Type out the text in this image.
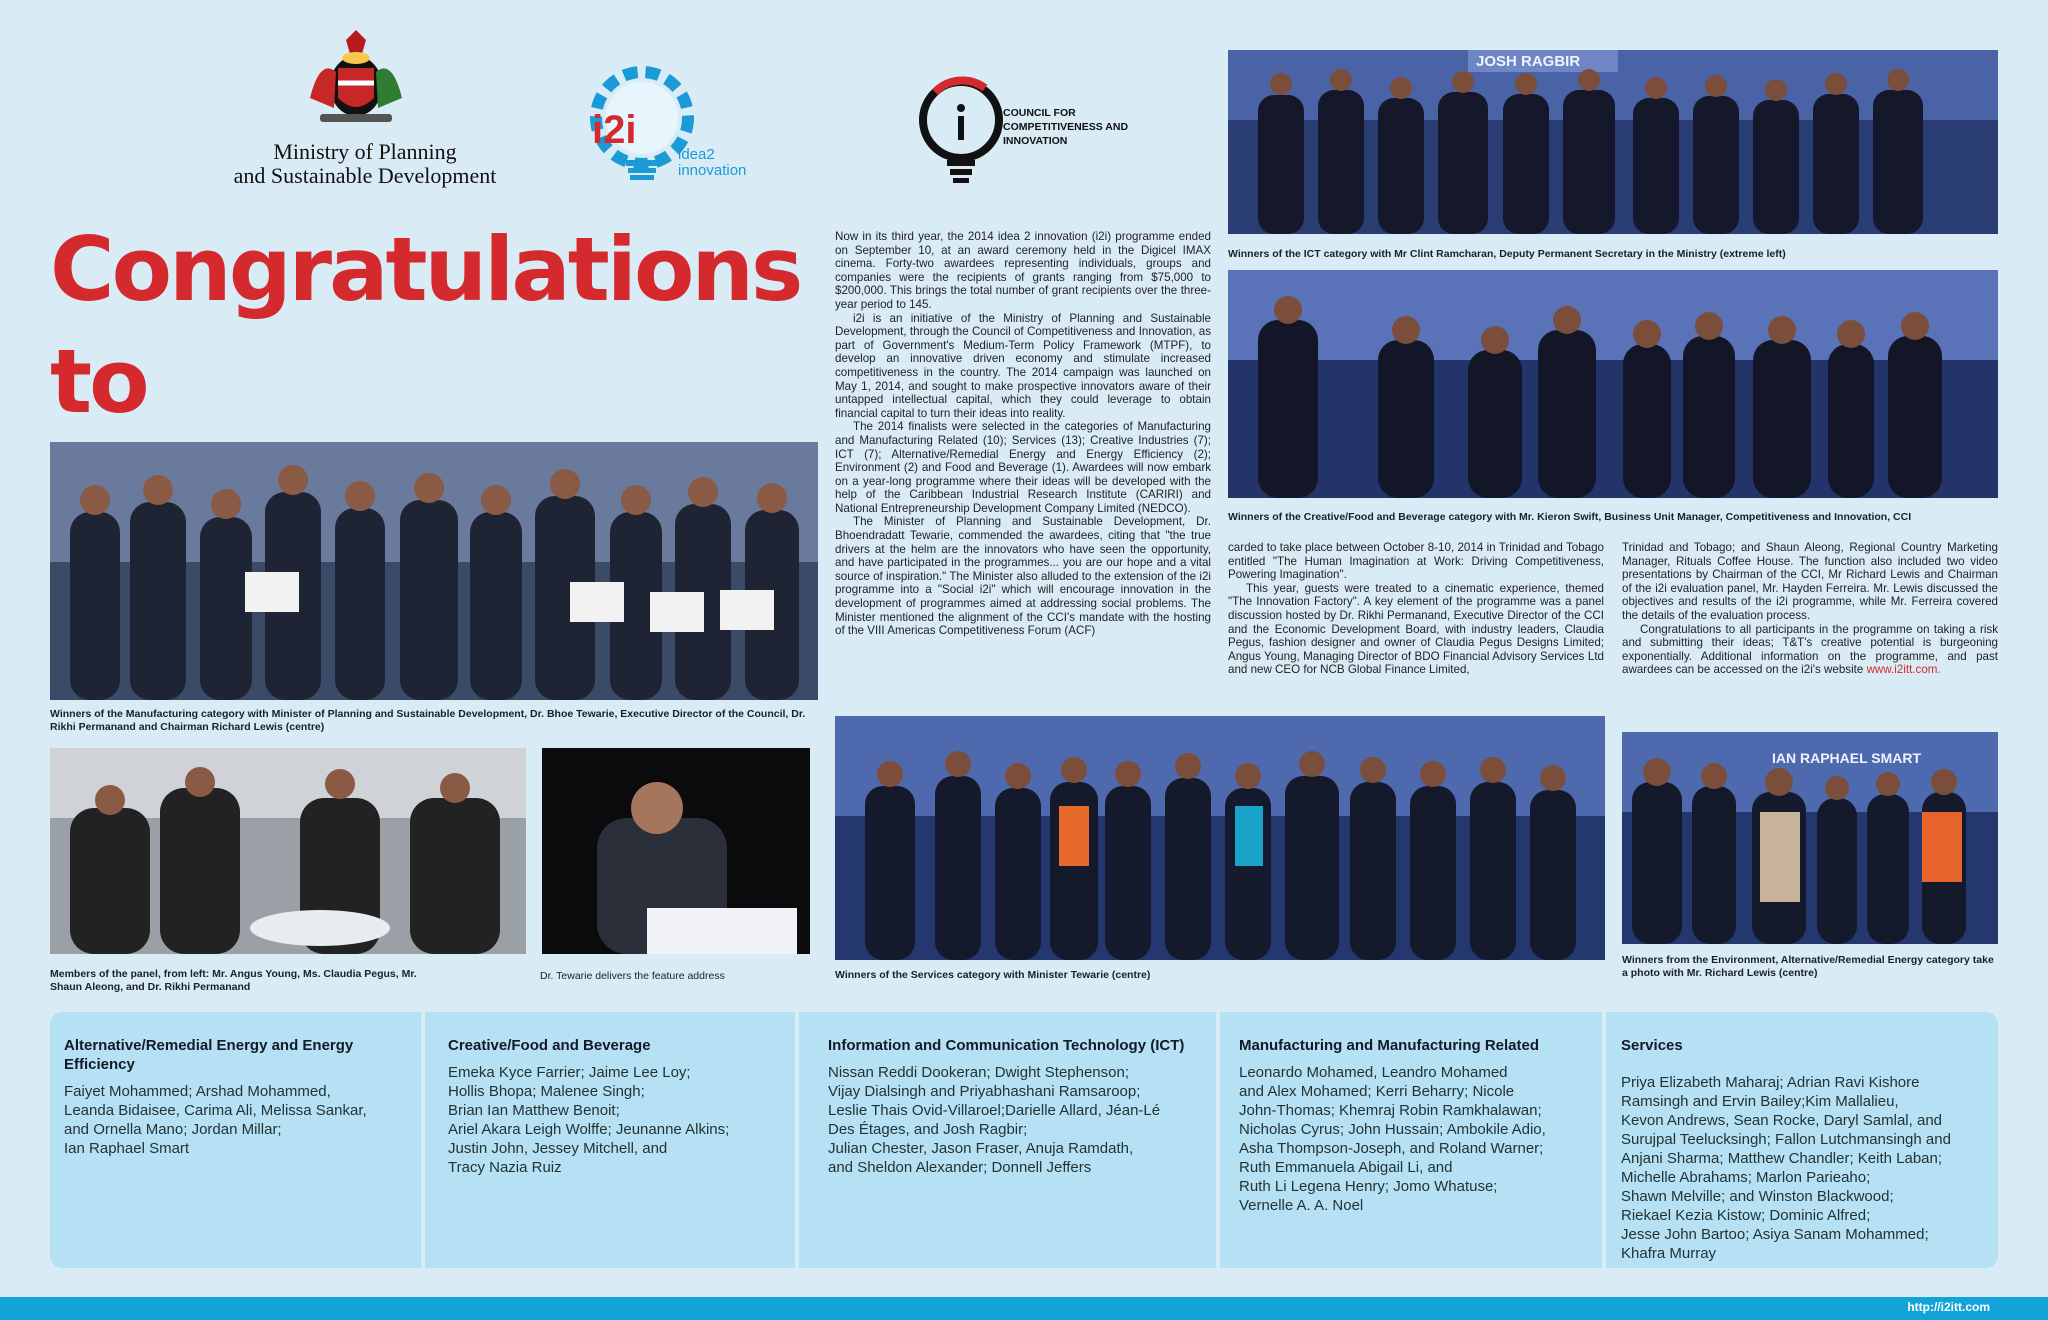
Ministry of Planning
and Sustainable Development
i2i
idea2
innovation
COUNCIL FOR COMPETITIVENESS AND INNOVATION
Congratulations to
Winners of the Manufacturing category with Minister of Planning and Sustainable Development, Dr. Bhoe Tewarie, Executive Director of the Council, Dr. Rikhi Permanand and Chairman Richard Lewis (centre)
Members of the panel, from left: Mr. Angus Young, Ms. Claudia Pegus, Mr. Shaun Aleong, and Dr. Rikhi Permanand
Dr. Tewarie delivers the feature address
JOSH RAGBIR
Winners of the ICT category with Mr Clint Ramcharan, Deputy Permanent Secretary in the Ministry (extreme left)
Winners of the Creative/Food and Beverage category with Mr. Kieron Swift, Business Unit Manager, Competitiveness and Innovation, CCI
Winners of the Services category with Minister Tewarie (centre)
IAN RAPHAEL SMART
Winners from the Environment, Alternative/Remedial Energy category take a photo with Mr. Richard Lewis (centre)

Now in its third year, the 2014 idea 2 innovation (i2i) programme ended on September 10, at an award ceremony held in the Digicel IMAX cinema. Forty-two awardees representing individuals, groups and companies were the recipients of grants ranging from $75,000 to $200,000. This brings the total number of grant recipients over the three-year period to 145.

i2i is an initiative of the Ministry of Planning and Sustainable Development, through the Council of Competitiveness and Innovation, as part of Government's Medium-Term Policy Framework (MTPF), to develop an innovative driven economy and stimulate increased competitiveness in the country. The 2014 campaign was launched on May 1, 2014, and sought to make prospective innovators aware of their untapped intellectual capital, which they could leverage to obtain financial capital to turn their ideas into reality.

The 2014 finalists were selected in the categories of Manufacturing and Manufacturing Related (10); Services (13); Creative Industries (7); ICT (7); Alternative/Remedial Energy and Energy Efficiency (2); Environment (2) and Food and Beverage (1). Awardees will now embark on a year-long programme where their ideas will be developed with the help of the Caribbean Industrial Research Institute (CARIRI) and National Entrepreneurship Development Company Limited (NEDCO).

The Minister of Planning and Sustainable Development, Dr. Bhoendradatt Tewarie, commended the awardees, citing that "the true drivers at the helm are the innovators who have seen the opportunity, and have participated in the programmes... you are our hope and a vital source of inspiration." The Minister also alluded to the extension of the i2i programme into a "Social i2i" which will encourage innovation in the development of programmes aimed at addressing social problems. The Minister mentioned the alignment of the CCI's mandate with the hosting of the VIII Americas Competitiveness Forum (ACF)

carded to take place between October 8-10, 2014 in Trinidad and Tobago entitled "The Human Imagination at Work: Driving Competitiveness, Powering Imagination".

This year, guests were treated to a cinematic experience, themed "The Innovation Factory". A key element of the programme was a panel discussion hosted by Dr. Rikhi Permanand, Executive Director of the CCI and the Economic Development Board, with industry leaders, Claudia Pegus, fashion designer and owner of Claudia Pegus Designs Limited; Angus Young, Managing Director of BDO Financial Advisory Services Ltd and new CEO for NCB Global Finance Limited,

Trinidad and Tobago; and Shaun Aleong, Regional Country Marketing Manager, Rituals Coffee House. The function also included two video presentations by Chairman of the CCI, Mr Richard Lewis and Chairman of the i2i evaluation panel, Mr. Hayden Ferreira. Mr. Lewis discussed the objectives and results of the i2i programme, while Mr. Ferreira covered the details of the evaluation process.

Congratulations to all participants in the programme on taking a risk and submitting their ideas; T&T's creative potential is burgeoning exponentially. Additional information on the programme, and past awardees can be accessed on the i2i's website www.i2itt.com.

Alternative/Remedial Energy and Energy Efficiency
Faiyet Mohammed; Arshad Mohammed,
Leanda Bidaisee, Carima Ali, Melissa Sankar,
and Ornella Mano; Jordan Millar;
Ian Raphael Smart
Creative/Food and Beverage
Emeka Kyce Farrier; Jaime Lee Loy;
Hollis Bhopa; Malenee Singh;
Brian Ian Matthew Benoit;
Ariel Akara Leigh Wolffe; Jeunanne Alkins;
Justin John, Jessey Mitchell, and
Tracy Nazia Ruiz
Information and Communication Technology (ICT)
Nissan Reddi Dookeran; Dwight Stephenson;
Vijay Dialsingh and Priyabhashani Ramsaroop;
Leslie Thais Ovid-Villaroel;Darielle Allard, Jéan-Lé
Des Étages, and Josh Ragbir;
Julian Chester, Jason Fraser, Anuja Ramdath,
and Sheldon Alexander; Donnell Jeffers
Manufacturing and Manufacturing Related
Leonardo Mohamed, Leandro Mohamed
and Alex Mohamed; Kerri Beharry; Nicole
John-Thomas; Khemraj Robin Ramkhalawan;
Nicholas Cyrus; John Hussain; Ambokile Adio,
Asha Thompson-Joseph, and Roland Warner;
Ruth Emmanuela Abigail Li, and
Ruth Li Legena Henry; Jomo Whatuse;
Vernelle A. A. Noel
Services
Priya Elizabeth Maharaj; Adrian Ravi Kishore
Ramsingh and Ervin Bailey;Kim Mallalieu,
Kevon Andrews, Sean Rocke, Daryl Samlal, and
Surujpal Teelucksingh; Fallon Lutchmansingh and
Anjani Sharma; Matthew Chandler; Keith Laban;
Michelle Abrahams; Marlon Parieaho;
Shawn Melville; and Winston Blackwood;
Riekael Kezia Kistow; Dominic Alfred;
Jesse John Bartoo; Asiya Sanam Mohammed;
Khafra Murray
http://i2itt.com
